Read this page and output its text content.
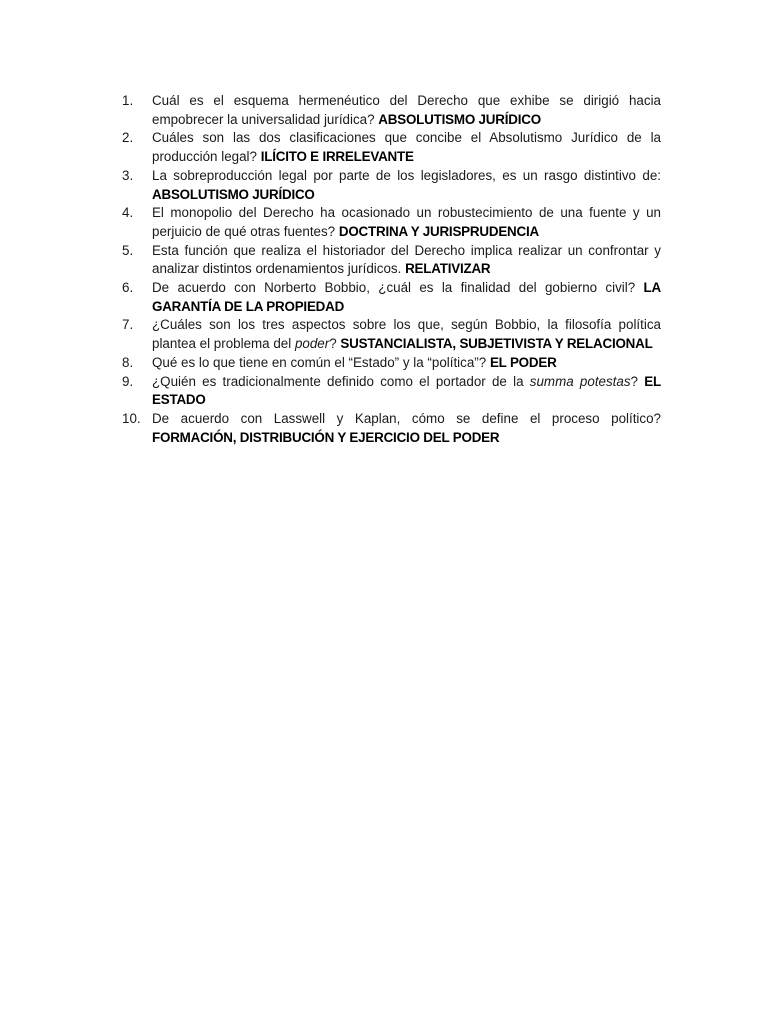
1.	Cuál es el esquema hermenéutico del Derecho que exhibe se dirigió hacia empobrecer la universalidad jurídica? ABSOLUTISMO JURÍDICO
2.	Cuáles son las dos clasificaciones que concibe el Absolutismo Jurídico de la producción legal? ILÍCITO E IRRELEVANTE
3.	La sobreproducción legal por parte de los legisladores, es un rasgo distintivo de: ABSOLUTISMO JURÍDICO
4.	El monopolio del Derecho ha ocasionado un robustecimiento de una fuente y un perjuicio de qué otras fuentes? DOCTRINA Y JURISPRUDENCIA
5.	Esta función que realiza el historiador del Derecho implica realizar un confrontar y analizar distintos ordenamientos jurídicos. RELATIVIZAR
6.	De acuerdo con Norberto Bobbio, ¿cuál es la finalidad del gobierno civil? LA GARANTÍA DE LA PROPIEDAD
7.	¿Cuáles son los tres aspectos sobre los que, según Bobbio, la filosofía política plantea el problema del poder? SUSTANCIALISTA, SUBJETIVISTA Y RELACIONAL
8.	Qué es lo que tiene en común el “Estado” y la “política”? EL PODER
9.	¿Quién es tradicionalmente definido como el portador de la summa potestas? EL ESTADO
10. De acuerdo con Lasswell y Kaplan, cómo se define el proceso político? FORMACIÓN, DISTRIBUCIÓN Y EJERCICIO DEL PODER
